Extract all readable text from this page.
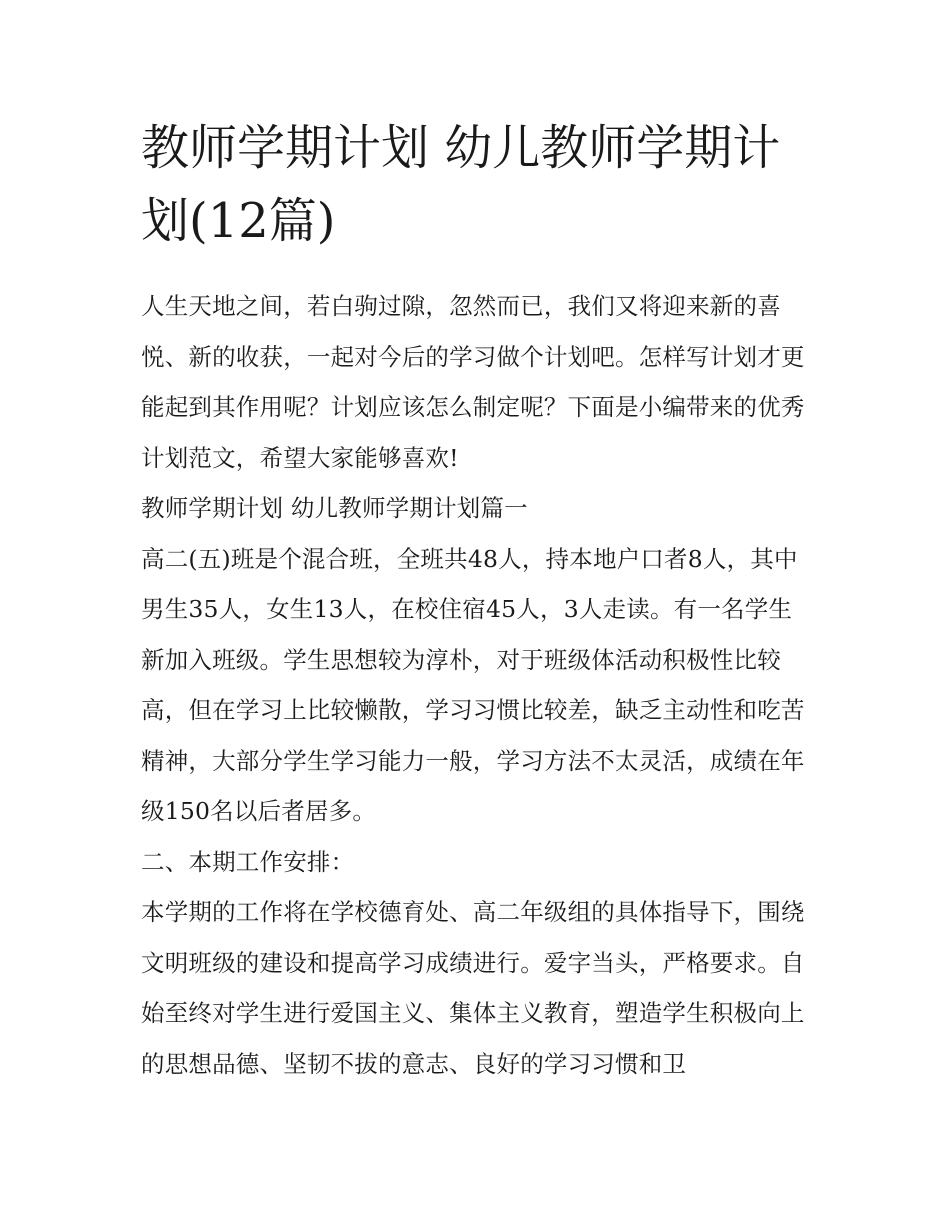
教师学期计划 幼儿教师学期计划(12篇)

人生天地之间，若白驹过隙，忽然而已，我们又将迎来新的喜悦、新的收获，一起对今后的学习做个计划吧。怎样写计划才更能起到其作用呢？计划应该怎么制定呢？下面是小编带来的优秀计划范文，希望大家能够喜欢!

教师学期计划 幼儿教师学期计划篇一

高二(五)班是个混合班，全班共48人，持本地户口者8人，其中男生35人，女生13人，在校住宿45人，3人走读。有一名学生新加入班级。学生思想较为淳朴，对于班级体活动积极性比较高，但在学习上比较懒散，学习习惯比较差，缺乏主动性和吃苦精神，大部分学生学习能力一般，学习方法不太灵活，成绩在年级150名以后者居多。

二、本期工作安排：

本学期的工作将在学校德育处、高二年级组的具体指导下，围绕文明班级的建设和提高学习成绩进行。爱字当头，严格要求。自始至终对学生进行爱国主义、集体主义教育，塑造学生积极向上的思想品德、坚韧不拔的意志、良好的学习习惯和卫
